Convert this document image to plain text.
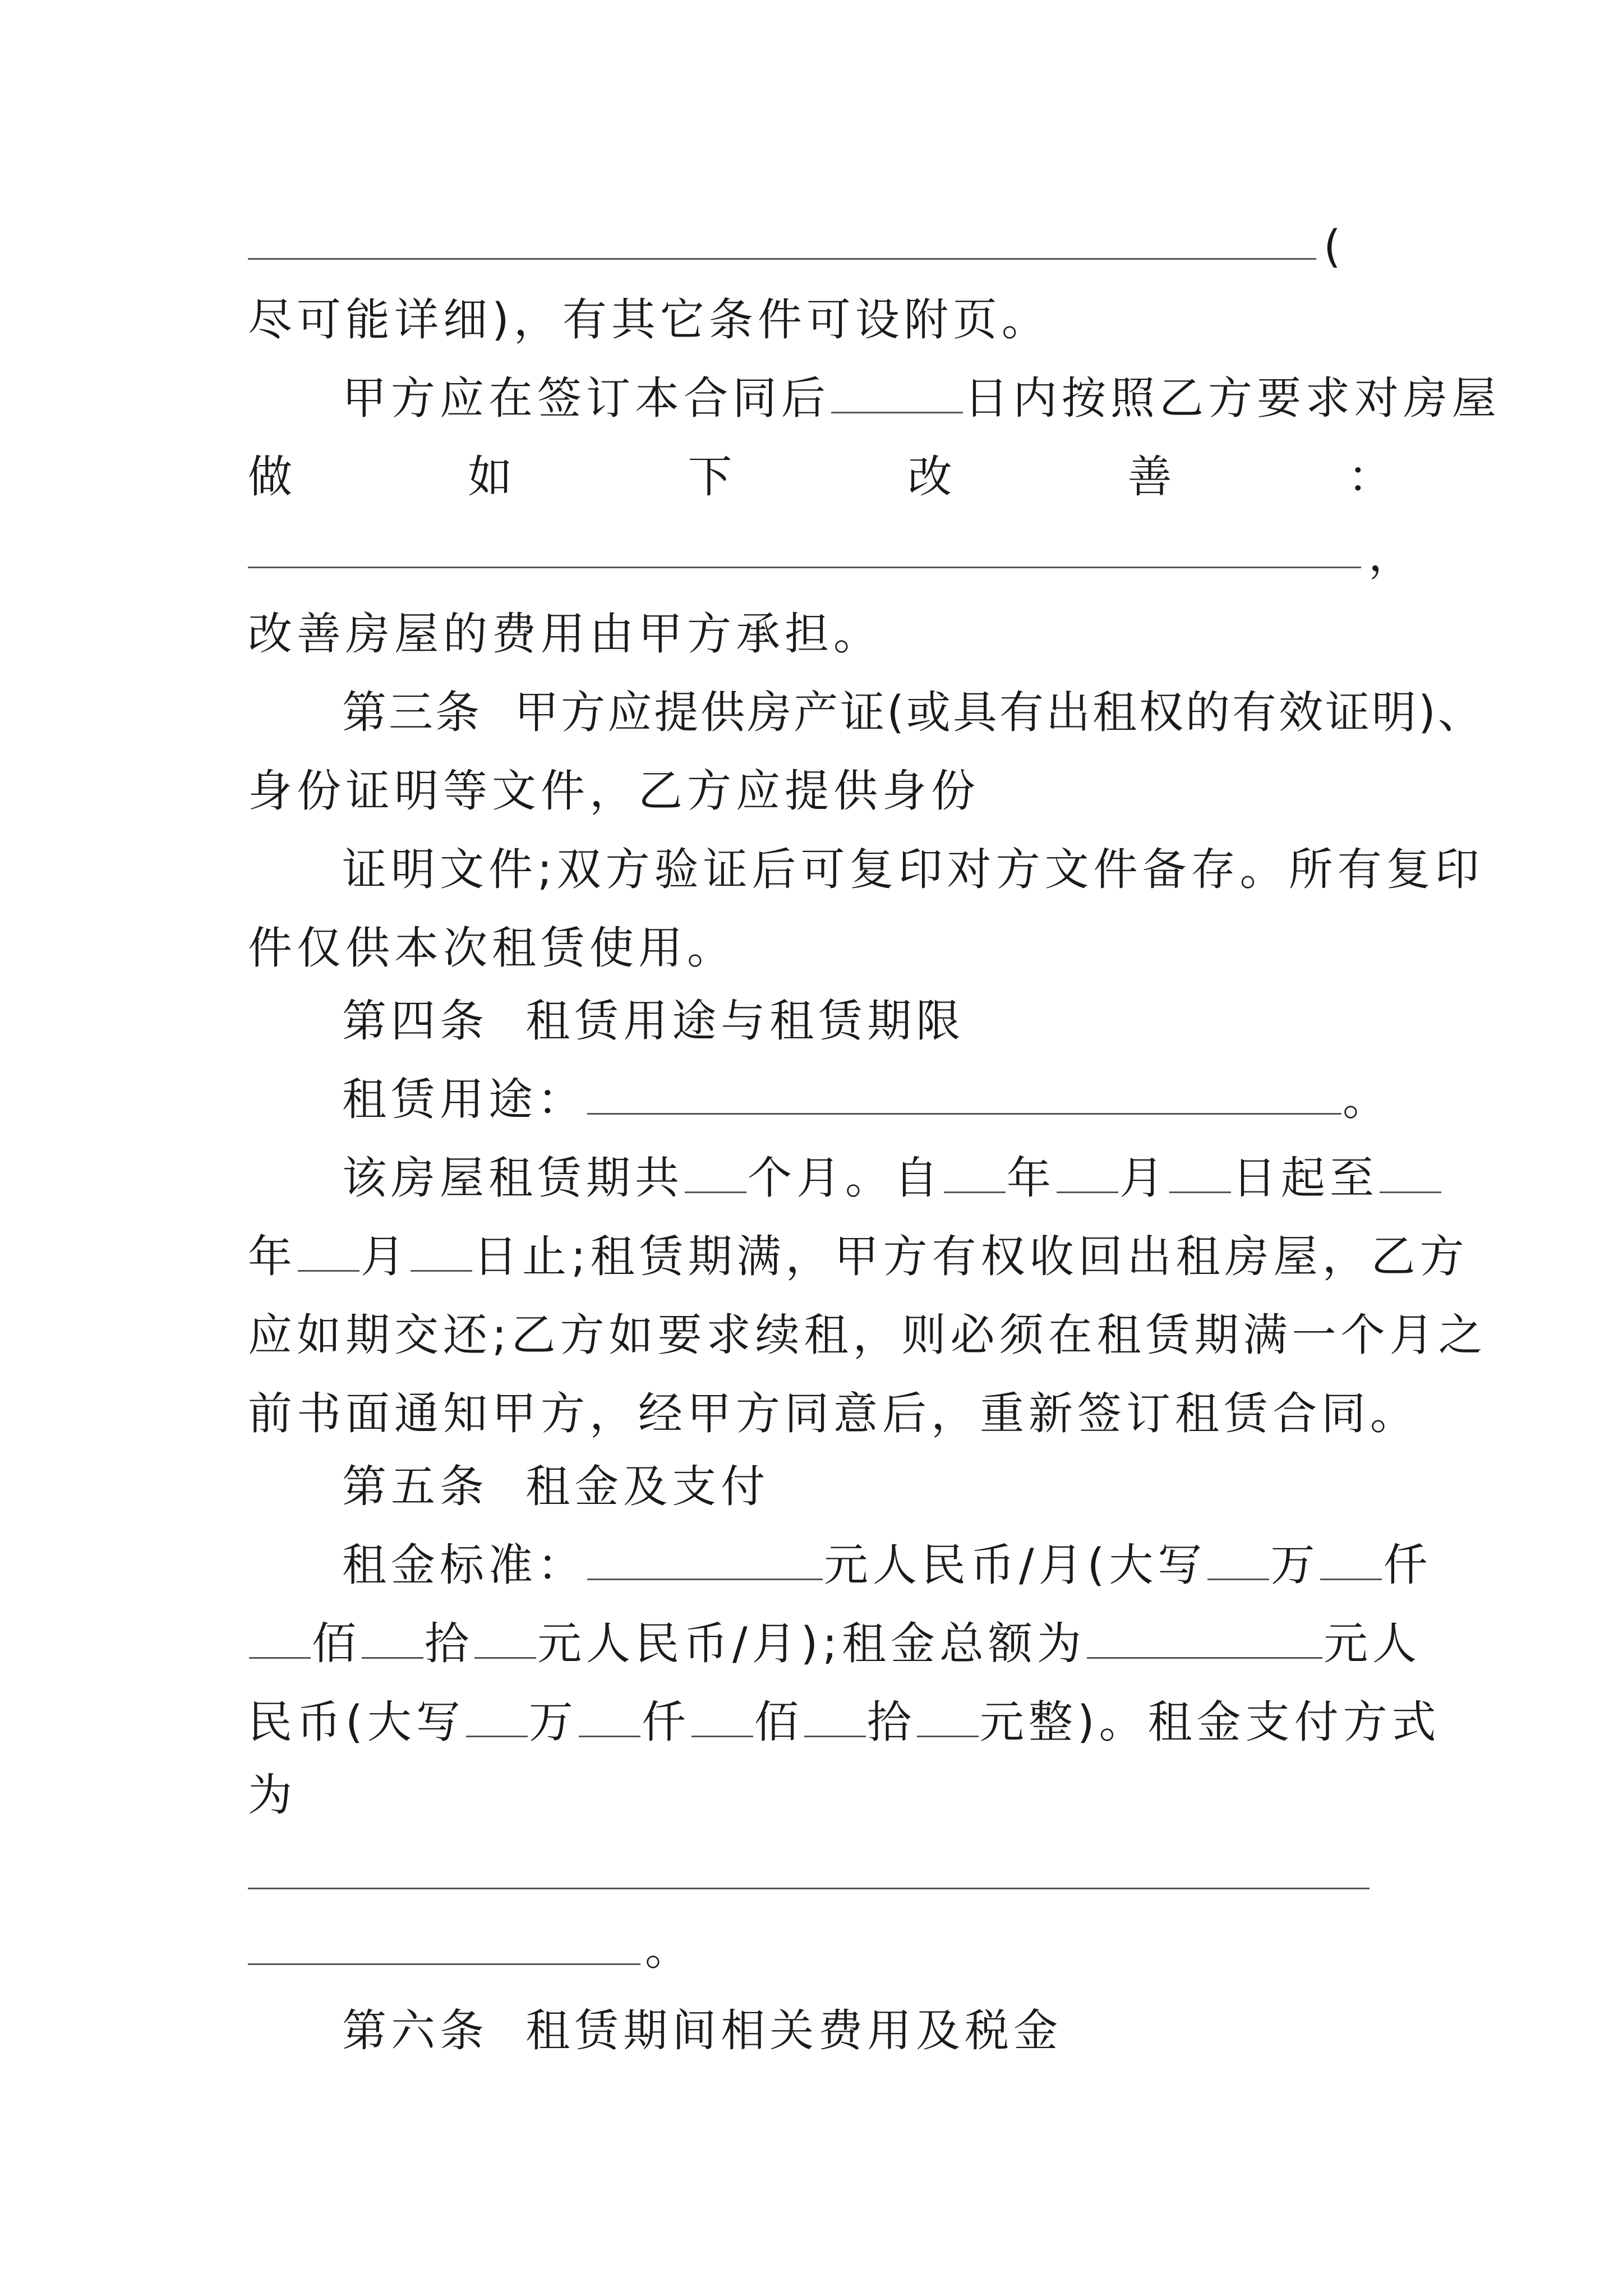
(
尽可能详细)，有其它条件可设附页。
甲方应在签订本合同后	日内按照乙方要求对房屋
做	如	下	改	善	：
，
改善房屋的费用由甲方承担。
第三条  甲方应提供房产证(或具有出租权的有效证明)、
身份证明等文件，乙方应提供身份
证明文件;双方验证后可复印对方文件备存。所有复印
件仅供本次租赁使用。
第四条  租赁用途与租赁期限
租赁用途：	。
该房屋租赁期共 个月。自 年 月 日起至
年 月 日止;租赁期满，甲方有权收回出租房屋，乙方
应如期交还;乙方如要求续租，则必须在租赁期满一个月之
前书面通知甲方，经甲方同意后，重新签订租赁合同。
第五条  租金及支付
租金标准：	元人民币/月(大写 万 仟
佰 拾 元人民币/月);租金总额为	元人
民币(大写 万 仟 佰 拾 元整)。租金支付方式
为
。
第六条  租赁期间相关费用及税金
